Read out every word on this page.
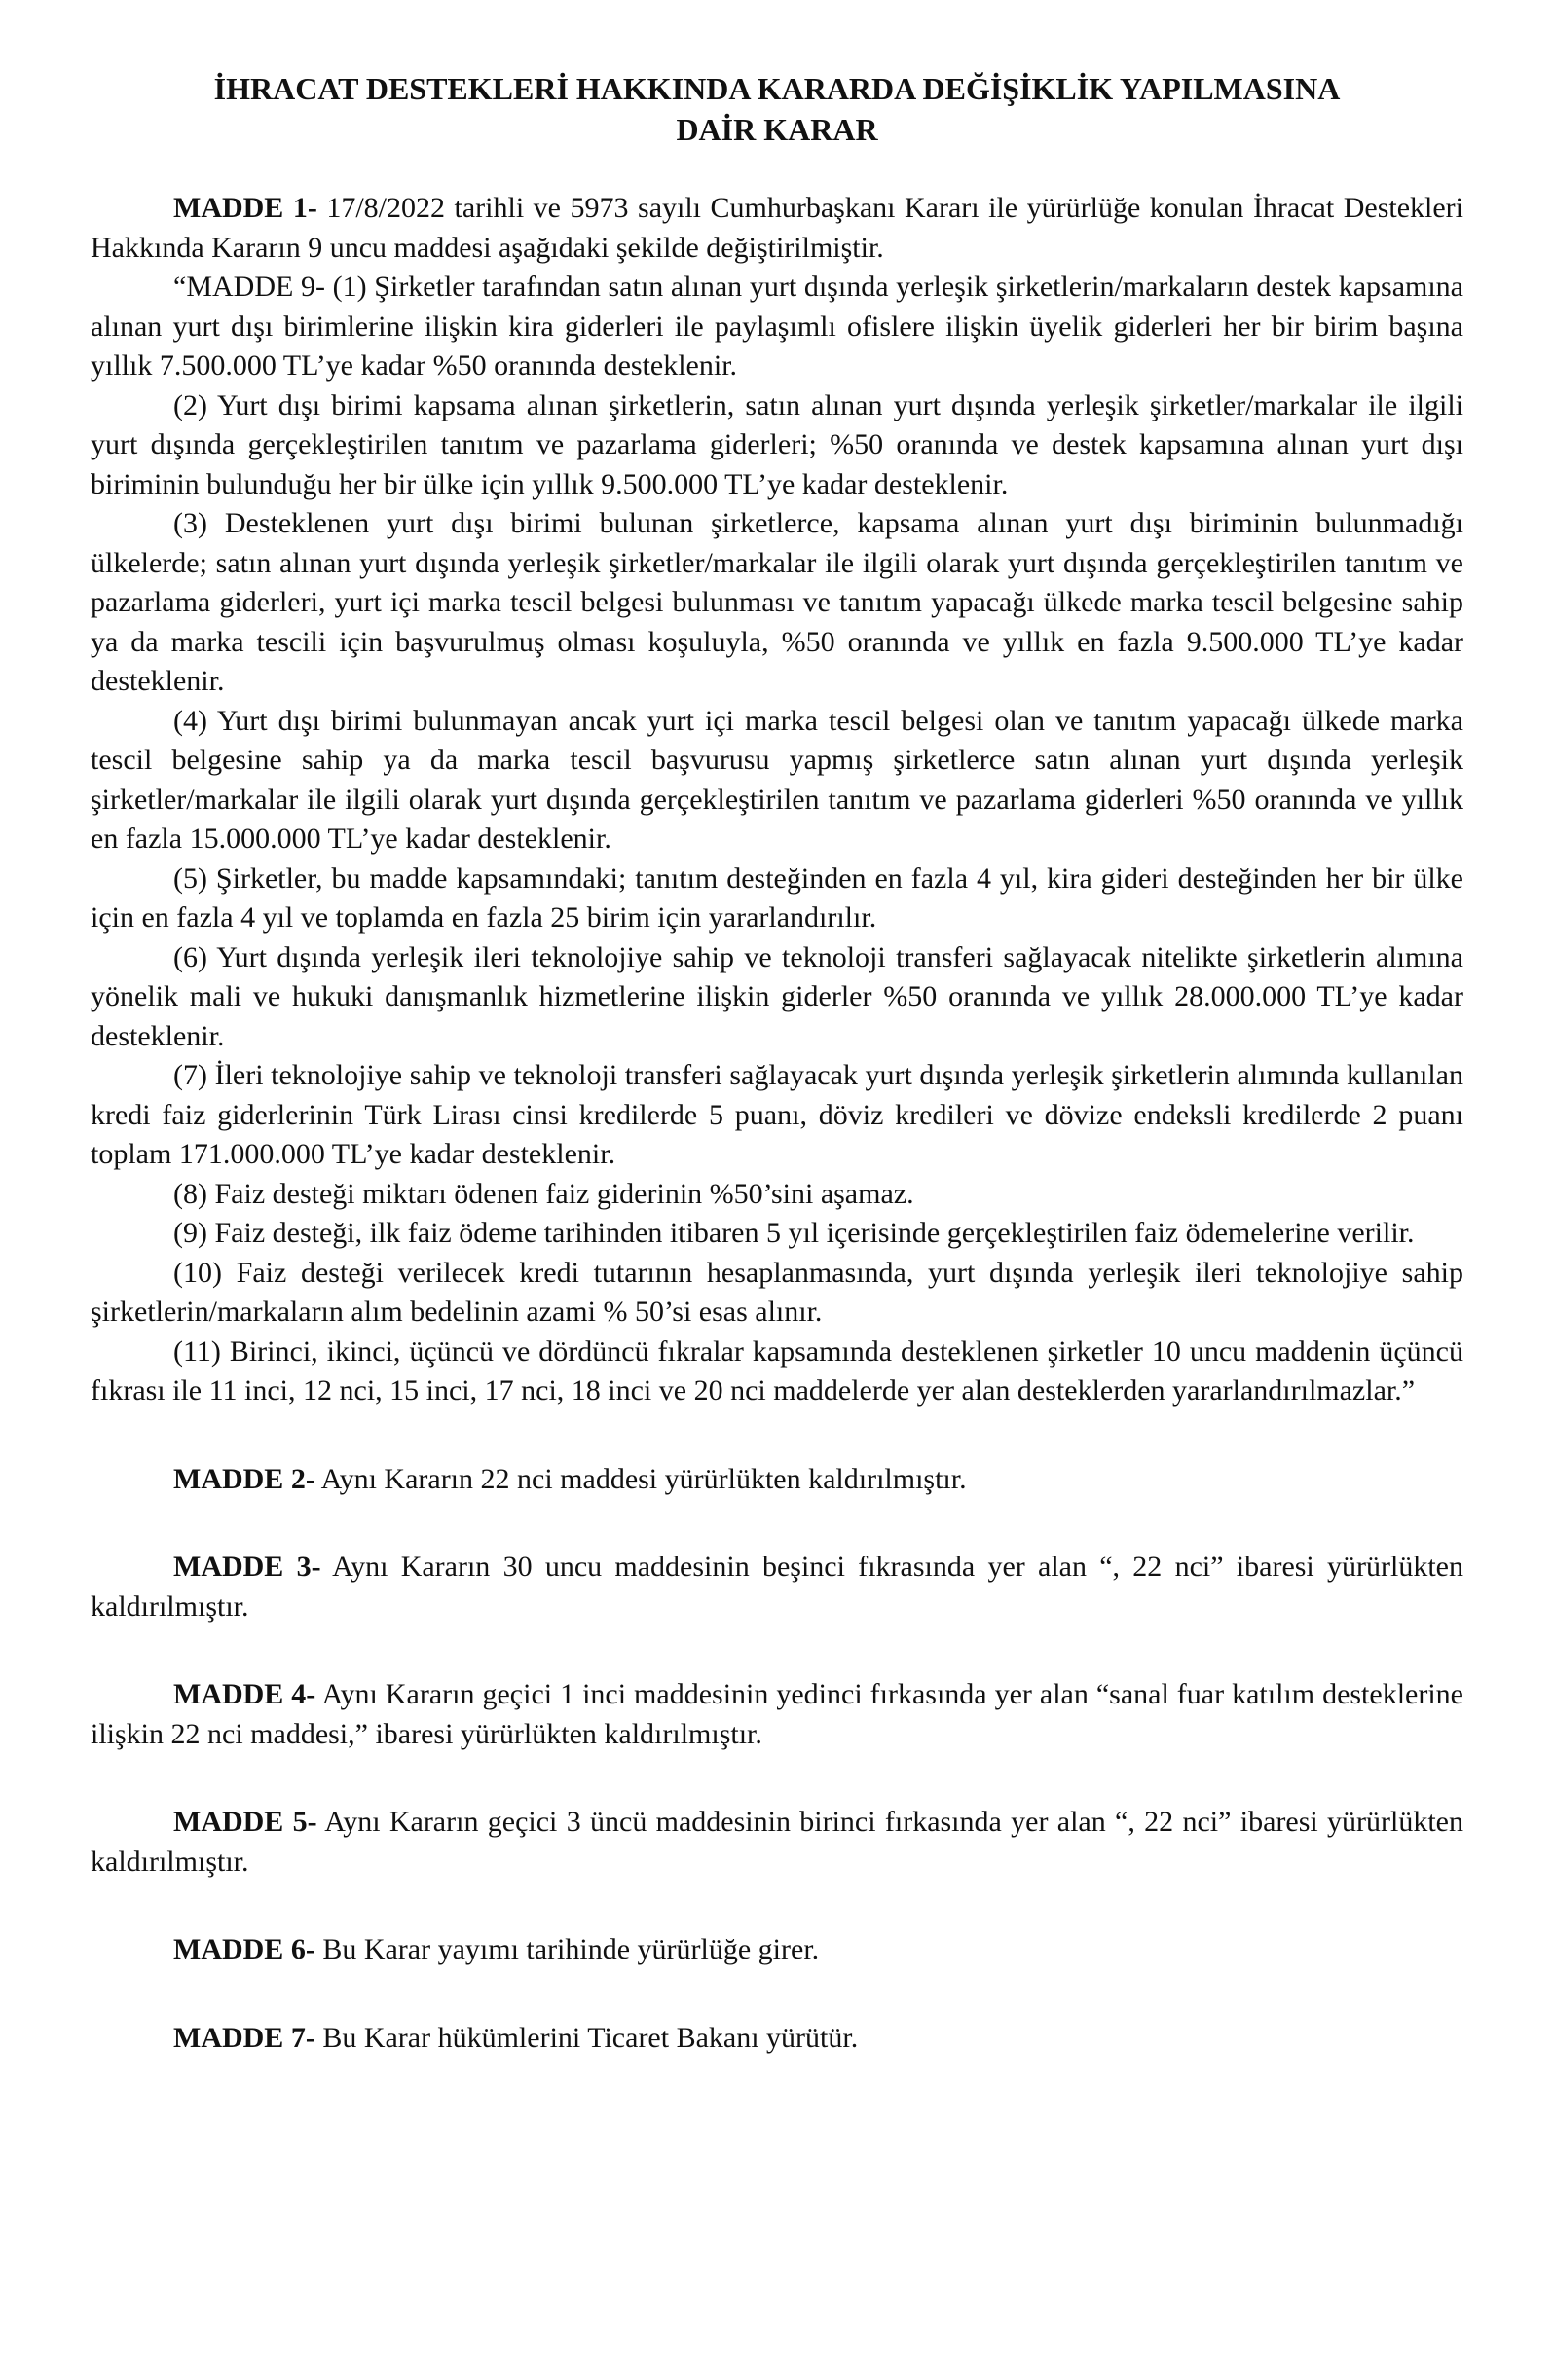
İHRACAT DESTEKLERİ HAKKINDA KARARDA DEĞİŞİKLİK YAPILMASINA
DAİR KARAR

MADDE 1- 17/8/2022 tarihli ve 5973 sayılı Cumhurbaşkanı Kararı ile yürürlüğe konulan İhracat Destekleri Hakkında Kararın 9 uncu maddesi aşağıdaki şekilde değiştirilmiştir.

“MADDE 9- (1) Şirketler tarafından satın alınan yurt dışında yerleşik şirketlerin/markaların destek kapsamına alınan yurt dışı birimlerine ilişkin kira giderleri ile paylaşımlı ofislere ilişkin üyelik giderleri her bir birim başına yıllık 7.500.000 TL’ye kadar %50 oranında desteklenir.

(2) Yurt dışı birimi kapsama alınan şirketlerin, satın alınan yurt dışında yerleşik şirketler/markalar ile ilgili yurt dışında gerçekleştirilen tanıtım ve pazarlama giderleri; %50 oranında ve destek kapsamına alınan yurt dışı biriminin bulunduğu her bir ülke için yıllık 9.500.000 TL’ye kadar desteklenir.

(3) Desteklenen yurt dışı birimi bulunan şirketlerce, kapsama alınan yurt dışı biriminin bulunmadığı ülkelerde; satın alınan yurt dışında yerleşik şirketler/markalar ile ilgili olarak yurt dışında gerçekleştirilen tanıtım ve pazarlama giderleri, yurt içi marka tescil belgesi bulunması ve tanıtım yapacağı ülkede marka tescil belgesine sahip ya da marka tescili için başvurulmuş olması koşuluyla, %50 oranında ve yıllık en fazla 9.500.000 TL’ye kadar desteklenir.

(4) Yurt dışı birimi bulunmayan ancak yurt içi marka tescil belgesi olan ve tanıtım yapacağı ülkede marka tescil belgesine sahip ya da marka tescil başvurusu yapmış şirketlerce satın alınan yurt dışında yerleşik şirketler/markalar ile ilgili olarak yurt dışında gerçekleştirilen tanıtım ve pazarlama giderleri %50 oranında ve yıllık en fazla 15.000.000 TL’ye kadar desteklenir.

(5) Şirketler, bu madde kapsamındaki; tanıtım desteğinden en fazla 4 yıl, kira gideri desteğinden her bir ülke için en fazla 4 yıl ve toplamda en fazla 25 birim için yararlandırılır.

(6) Yurt dışında yerleşik ileri teknolojiye sahip ve teknoloji transferi sağlayacak nitelikte şirketlerin alımına yönelik mali ve hukuki danışmanlık hizmetlerine ilişkin giderler %50 oranında ve yıllık 28.000.000 TL’ye kadar desteklenir.

(7) İleri teknolojiye sahip ve teknoloji transferi sağlayacak yurt dışında yerleşik şirketlerin alımında kullanılan kredi faiz giderlerinin Türk Lirası cinsi kredilerde 5 puanı, döviz kredileri ve dövize endeksli kredilerde 2 puanı toplam 171.000.000 TL’ye kadar desteklenir.

(8) Faiz desteği miktarı ödenen faiz giderinin %50’sini aşamaz.

(9) Faiz desteği, ilk faiz ödeme tarihinden itibaren 5 yıl içerisinde gerçekleştirilen faiz ödemelerine verilir.

(10) Faiz desteği verilecek kredi tutarının hesaplanmasında, yurt dışında yerleşik ileri teknolojiye sahip şirketlerin/markaların alım bedelinin azami % 50’si esas alınır.

(11) Birinci, ikinci, üçüncü ve dördüncü fıkralar kapsamında desteklenen şirketler 10 uncu maddenin üçüncü fıkrası ile 11 inci, 12 nci, 15 inci, 17 nci, 18 inci ve 20 nci maddelerde yer alan desteklerden yararlandırılmazlar.”

MADDE 2- Aynı Kararın 22 nci maddesi yürürlükten kaldırılmıştır.

MADDE 3- Aynı Kararın 30 uncu maddesinin beşinci fıkrasında yer alan “, 22 nci” ibaresi yürürlükten kaldırılmıştır.

MADDE 4- Aynı Kararın geçici 1 inci maddesinin yedinci fırkasında yer alan “sanal fuar katılım desteklerine ilişkin 22 nci maddesi,” ibaresi yürürlükten kaldırılmıştır.

MADDE 5- Aynı Kararın geçici 3 üncü maddesinin birinci fırkasında yer alan “, 22 nci” ibaresi yürürlükten kaldırılmıştır.

MADDE 6- Bu Karar yayımı tarihinde yürürlüğe girer.

MADDE 7- Bu Karar hükümlerini Ticaret Bakanı yürütür.
